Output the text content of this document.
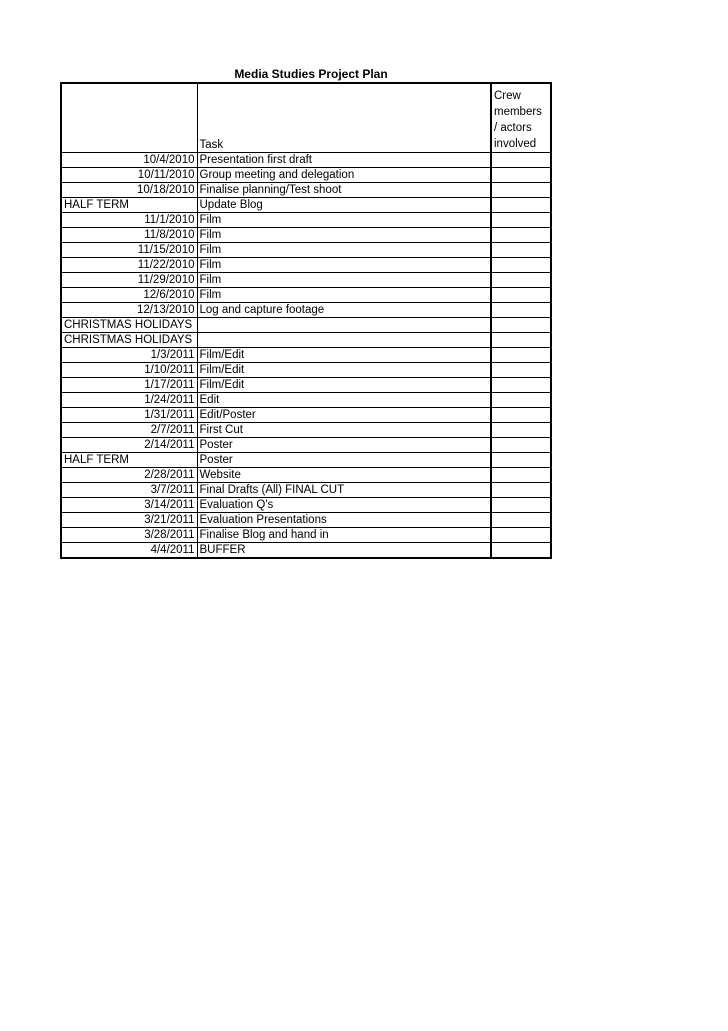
Media Studies Project Plan
	Task	Crew members / actors involved
10/4/2010	Presentation first draft	
10/11/2010	Group meeting and delegation	
10/18/2010	Finalise planning/Test shoot	
HALF TERM	Update Blog	
11/1/2010	Film	
11/8/2010	Film	
11/15/2010	Film	
11/22/2010	Film	
11/29/2010	Film	
12/6/2010	Film	
12/13/2010	Log and capture footage	
CHRISTMAS HOLIDAYS		
CHRISTMAS HOLIDAYS		
1/3/2011	Film/Edit	
1/10/2011	Film/Edit	
1/17/2011	Film/Edit	
1/24/2011	Edit	
1/31/2011	Edit/Poster	
2/7/2011	First Cut	
2/14/2011	Poster	
HALF TERM	Poster	
2/28/2011	Website	
3/7/2011	Final Drafts (All) FINAL CUT	
3/14/2011	Evaluation Q's	
3/21/2011	Evaluation Presentations	
3/28/2011	Finalise Blog and hand in	
4/4/2011	BUFFER	
